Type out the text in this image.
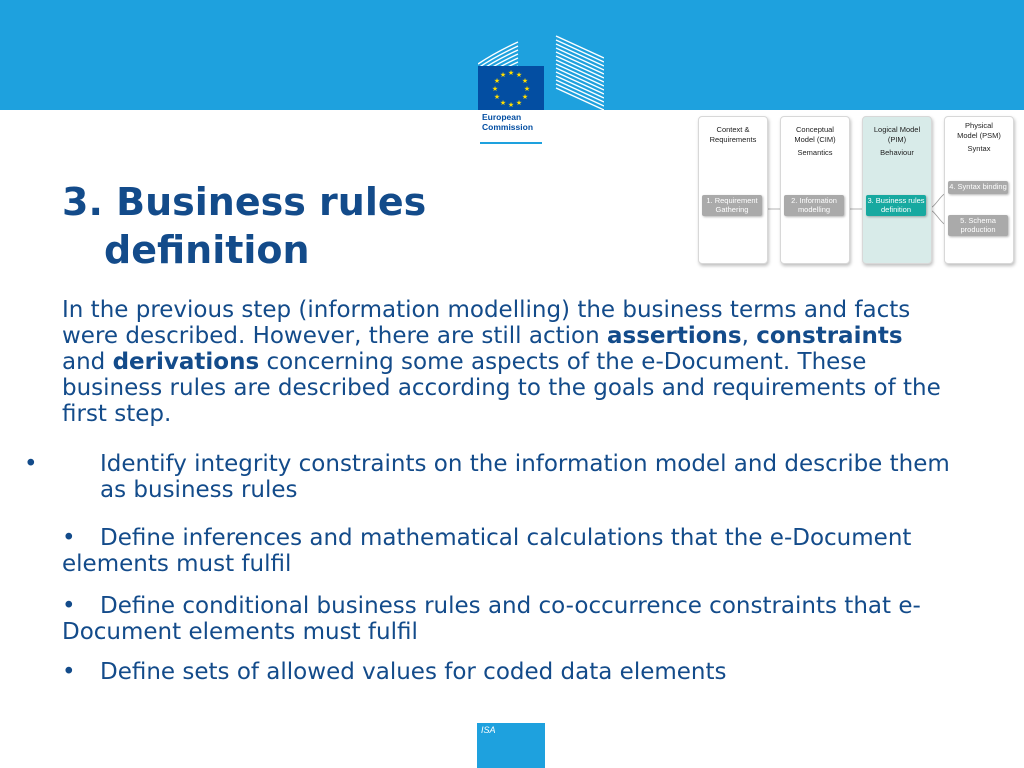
★ ★
★
★
★
★
★
★
★
★
★
★
European
Commission
3. Business rules
definition
Context &
Requirements
Conceptual
Model (CIM)
Semantics
Logical Model
(PIM)
Behaviour
Physical
Model (PSM)
Syntax
1. Requirement Gathering
2. Information modelling
3. Business rules definition
4. Syntax binding
5. Schema production

In the previous step (information modelling) the business terms and facts were described. However, there are still action assertions, constraints and derivations concerning some aspects of the e-Document. These business rules are described according to the goals and requirements of the first step.

•	Identify integrity constraints on the information model and describe them as business rules

• Define inferences and mathematical calculations that the e-Document elements must fulfil

• Define conditional business rules and co-occurrence constraints that e-Document elements must fulfil

• Define sets of allowed values for coded data elements

ISA
